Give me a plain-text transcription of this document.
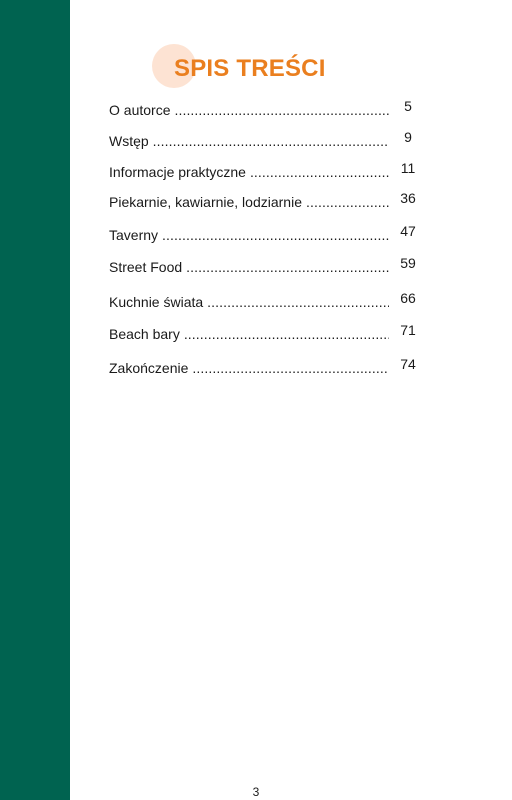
SPIS TREŚCI
O autorce .....	5
Wstęp .....	9
Informacje praktyczne .....	11
Piekarnie, kawiarnie, lodziarnie .....	36
Taverny .....	47
Street Food .....	59
Kuchnie świata .....	66
Beach bary .....	71
Zakończenie .....	74
3
